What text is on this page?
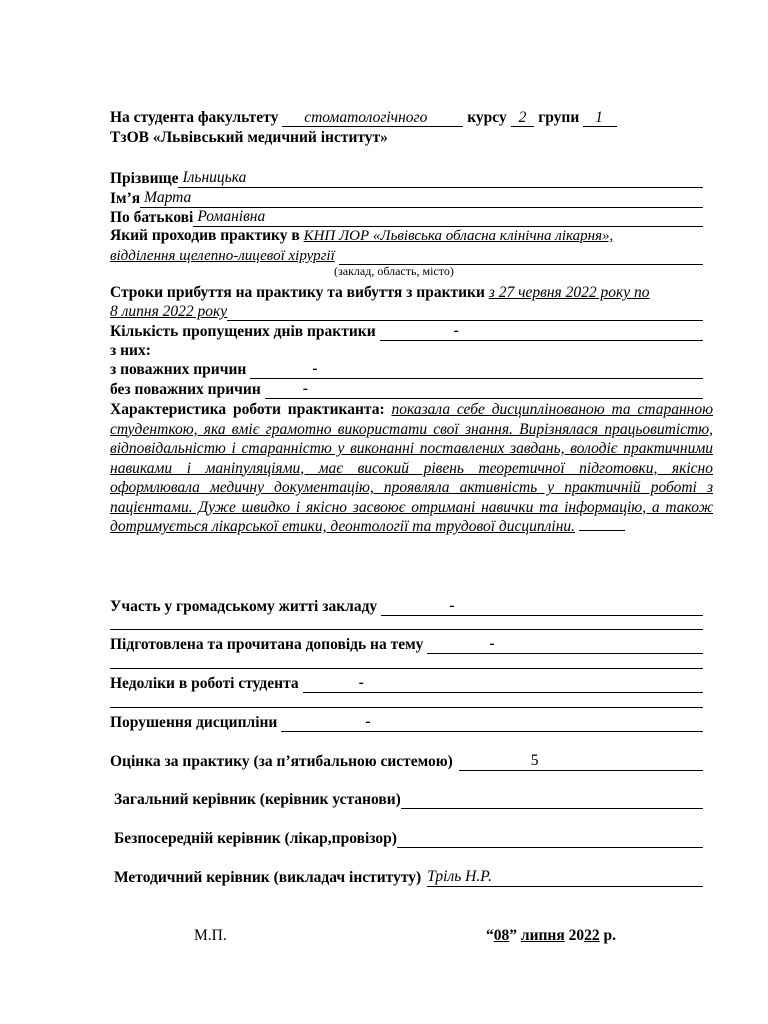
На студента факультету стоматологічного	курсу 2 групи 1
ТзОВ «Львівський медичний інститут»
Прізвище Ільницька
Ім’я Марта
По батькові Романівна
Який проходив практику в КНП ЛОР «Львівська обласна клінічна лікарня»,
відділення щелепно-лицевої хірургії
(заклад, область, місто)
Строки прибуття на практику та вибуття з практики з 27 червня 2022 року по
8 липня 2022 року
Кількість пропущених днів практики	-
з них:
з поважних причин	-
без поважних причин	-
Характеристика роботи практиканта: показала себе дисциплінованою та старанною студенткою, яка вміє грамотно використати свої знання. Вирізнялася працьовитістю, відповідальністю і старанністю у виконанні поставлених завдань, володіє практичними навиками і маніпуляціями, має високий рівень теоретичної підготовки, якісно оформлювала медичну документацію, проявляла активність у практичній роботі з пацієнтами. Дуже швидко і якісно засвоює отримані навички та інформацію, а також дотримується лікарської етики, деонтології та трудової дисципліни.
Участь у громадському житті закладу	-
Підготовлена та прочитана доповідь на тему	-
Недоліки в роботі студента	-
Порушення дисципліни	-
Оцінка за практику (за п’ятибальною системою)	5
Загальний керівник (керівник установи)
Безпосередній керівник (лікар,провізор)
Методичний керівник (викладач інституту) Тріль Н.Р.
М.П.	“08” липня 2022 р.
